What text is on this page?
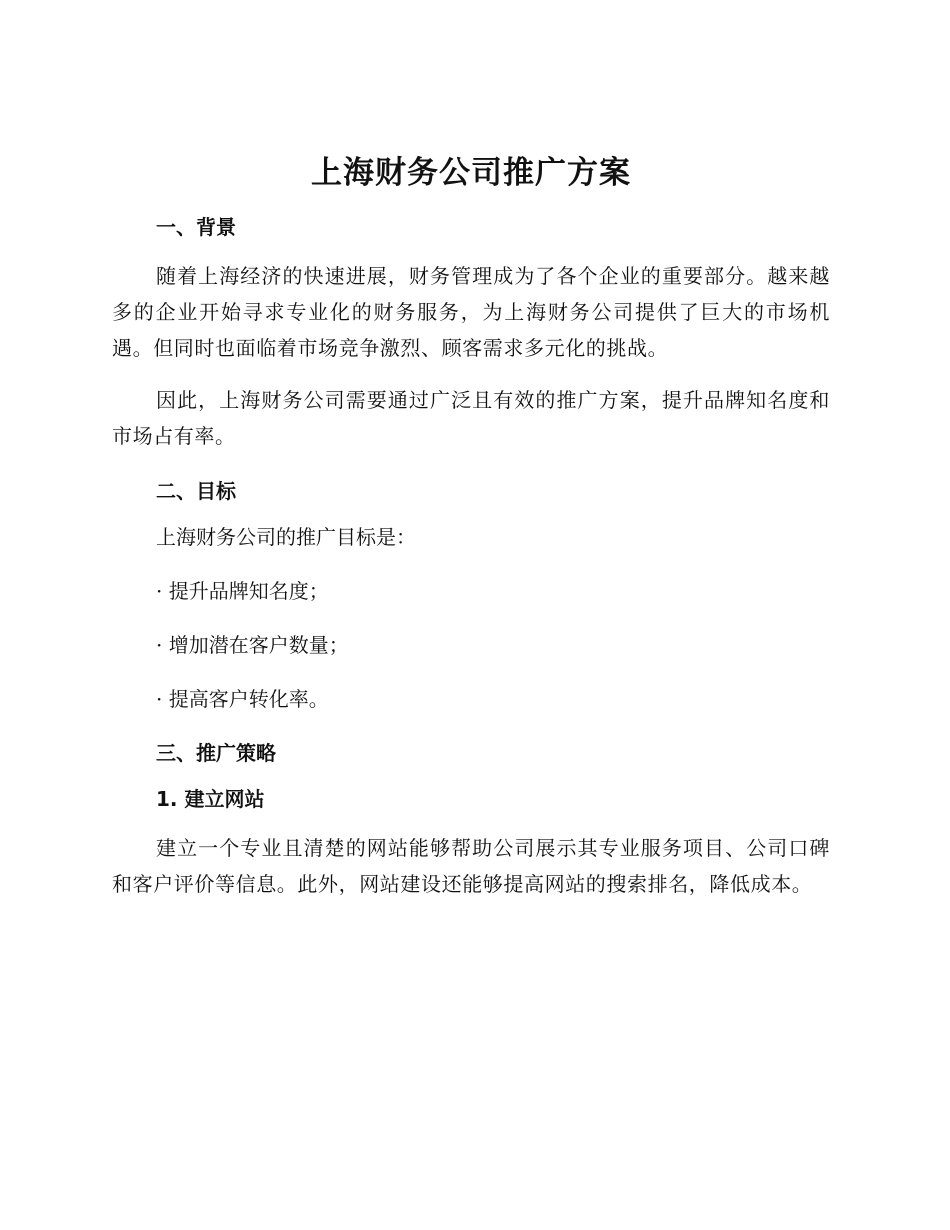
上海财务公司推广方案
一、背景

随着上海经济的快速进展，财务管理成为了各个企业的重要部分。越来越多的企业开始寻求专业化的财务服务，为上海财务公司提供了巨大的市场机遇。但同时也面临着市场竞争激烈、顾客需求多元化的挑战。

因此，上海财务公司需要通过广泛且有效的推广方案，提升品牌知名度和市场占有率。

二、目标
上海财务公司的推广目标是：
· 提升品牌知名度；
· 增加潜在客户数量；
· 提高客户转化率。
三、推广策略
1. 建立网站

建立一个专业且清楚的网站能够帮助公司展示其专业服务项目、公司口碑和客户评价等信息。此外，网站建设还能够提高网站的搜索排名，降低成本。
